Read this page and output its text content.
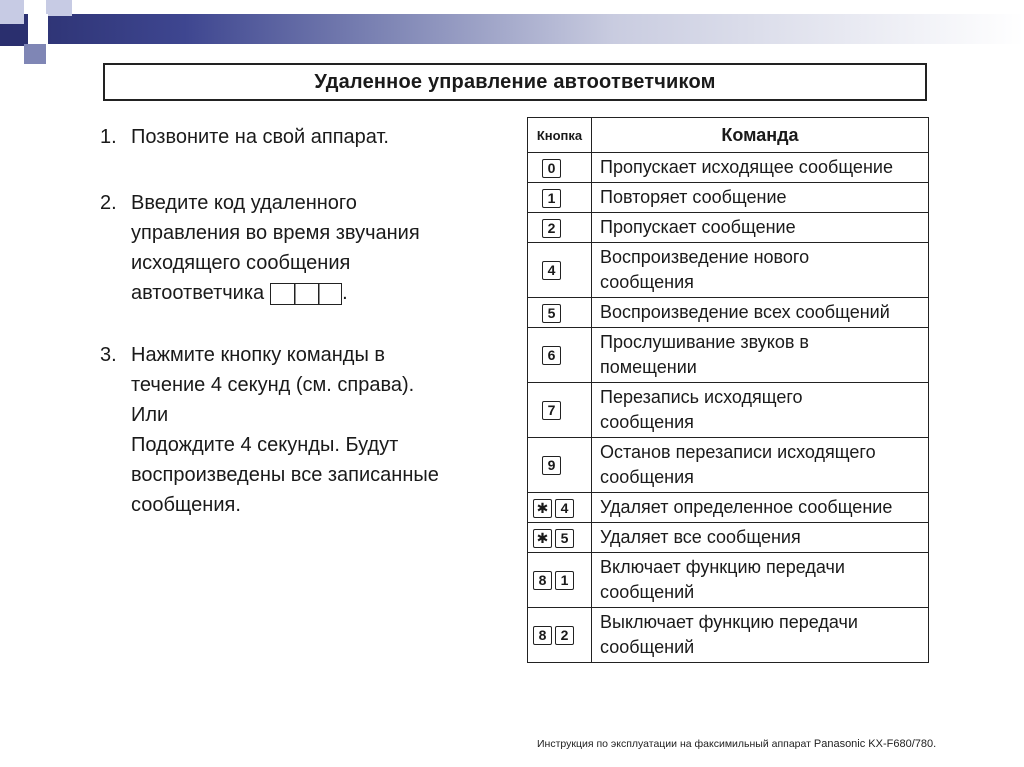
Удаленное управление автоответчиком
1. Позвоните на свой аппарат.
2. Введите код удаленного
управления во время звучания
исходящего сообщения
автоответчика	.
3. Нажмите кнопку команды в
течение 4 секунд (см. справа).
Или
Подождите 4 секунды. Будут
воспроизведены все записанные
сообщения.
Кнопка	Команда
0	Пропускает исходящее сообщение

1	Повторяет сообщение

2	Пропускает сообщение

4	Воспроизведение нового
сообщения

5	Воспроизведение всех сообщений

6	Прослушивание звуков в
помещении

7	Перезапись исходящего
сообщения

9	Останов перезаписи исходящего
сообщения

✱ 4	Удаляет определенное сообщение

✱ 5	Удаляет все сообщения

8 1	Включает функцию передачи
сообщений

8 2	Выключает функцию передачи
сообщений
Инструкция по эксплуатации на факсимильный аппарат Panasonic KX-F680/780.
